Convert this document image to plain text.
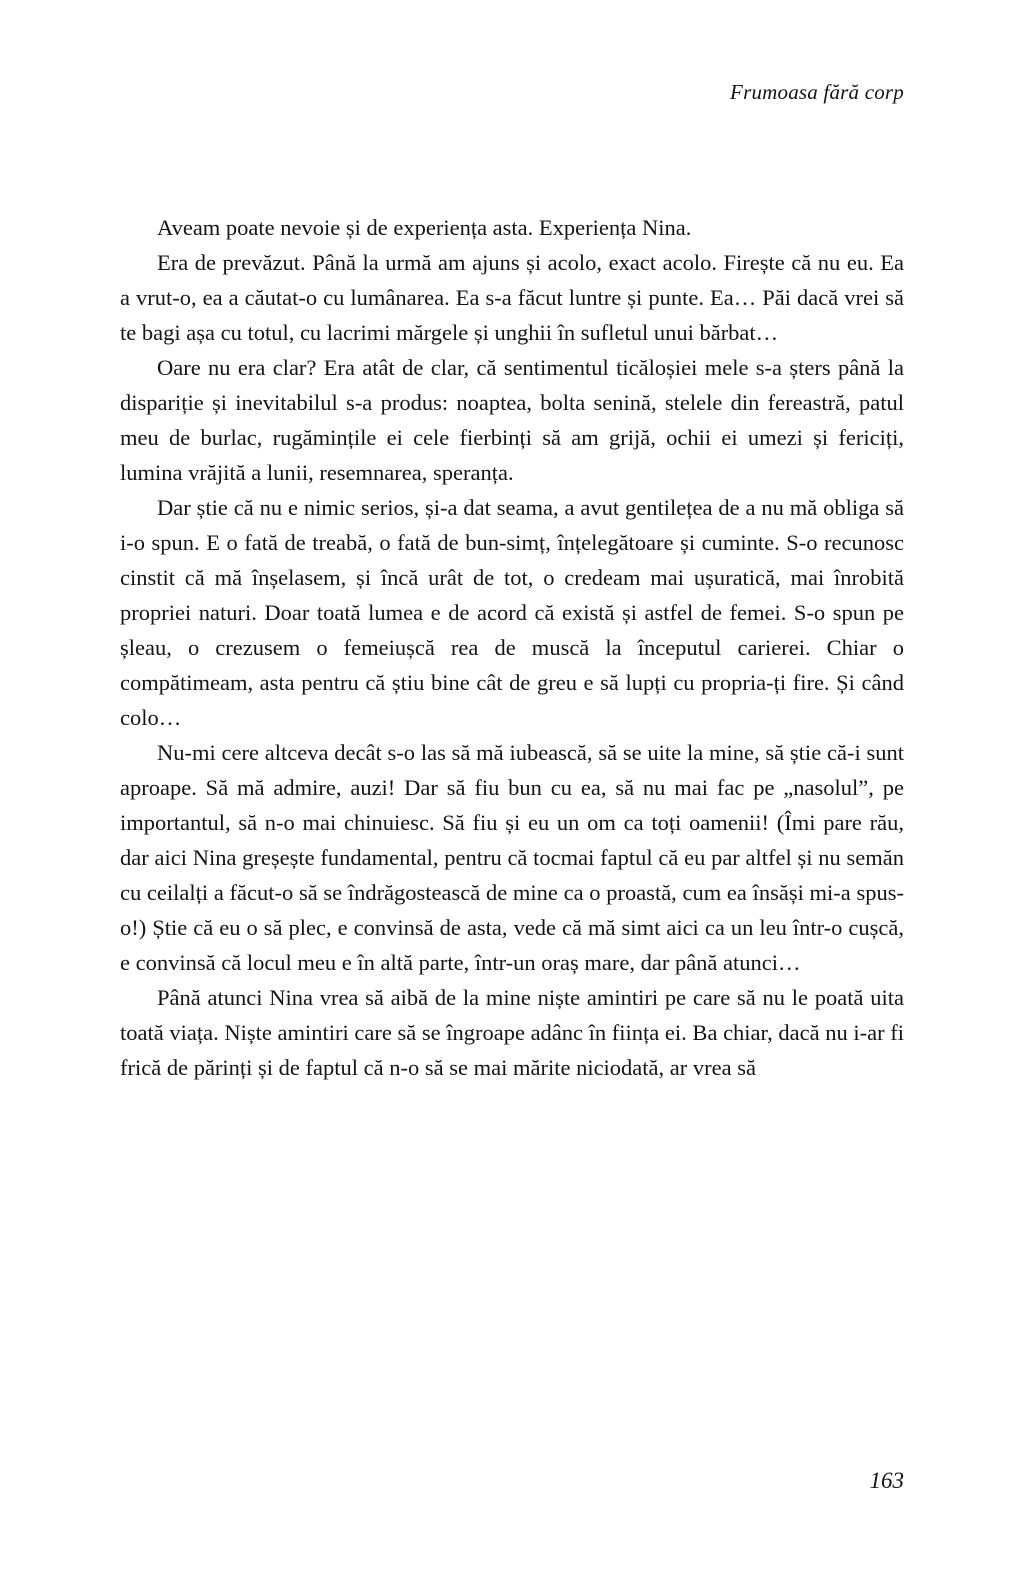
Frumoasa fără corp

Aveam poate nevoie și de experiența asta. Experiența Nina.

Era de prevăzut. Până la urmă am ajuns și acolo, exact acolo. Firește că nu eu. Ea a vrut-o, ea a căutat-o cu lumânarea. Ea s-a făcut luntre și punte. Ea… Păi dacă vrei să te bagi așa cu totul, cu lacrimi mărgele și unghii în sufletul unui bărbat…

Oare nu era clar? Era atât de clar, că sentimentul ticăloșiei mele s-a șters până la dispariție și inevitabilul s-a produs: noaptea, bolta senină, stelele din fereastră, patul meu de burlac, rugămințile ei cele fierbinți să am grijă, ochii ei umezi și fericiți, lumina vrăjită a lunii, resemnarea, speranța.

Dar știe că nu e nimic serios, și-a dat seama, a avut gentilețea de a nu mă obliga să i-o spun. E o fată de treabă, o fată de bun-simț, înțelegătoare și cuminte. S-o recunosc cinstit că mă înșelasem, și încă urât de tot, o credeam mai ușuratică, mai înrobită propriei naturi. Doar toată lumea e de acord că există și astfel de femei. S-o spun pe șleau, o crezusem o femeiușcă rea de muscă la începutul carierei. Chiar o compătimeam, asta pentru că știu bine cât de greu e să lupți cu propria-ți fire. Și când colo…

Nu-mi cere altceva decât s-o las să mă iubească, să se uite la mine, să știe că-i sunt aproape. Să mă admire, auzi! Dar să fiu bun cu ea, să nu mai fac pe „nasolul”, pe importantul, să n-o mai chinuiesc. Să fiu și eu un om ca toți oamenii! (Îmi pare rău, dar aici Nina greșește fundamental, pentru că tocmai faptul că eu par altfel și nu semăn cu ceilalți a făcut-o să se îndrăgostească de mine ca o proastă, cum ea însăși mi-a spus-o!) Știe că eu o să plec, e convinsă de asta, vede că mă simt aici ca un leu într-o cușcă, e convinsă că locul meu e în altă parte, într-un oraș mare, dar până atunci…

Până atunci Nina vrea să aibă de la mine niște amintiri pe care să nu le poată uita toată viața. Niște amintiri care să se îngroape adânc în ființa ei. Ba chiar, dacă nu i-ar fi frică de părinți și de faptul că n-o să se mai mărite niciodată, ar vrea să

163
